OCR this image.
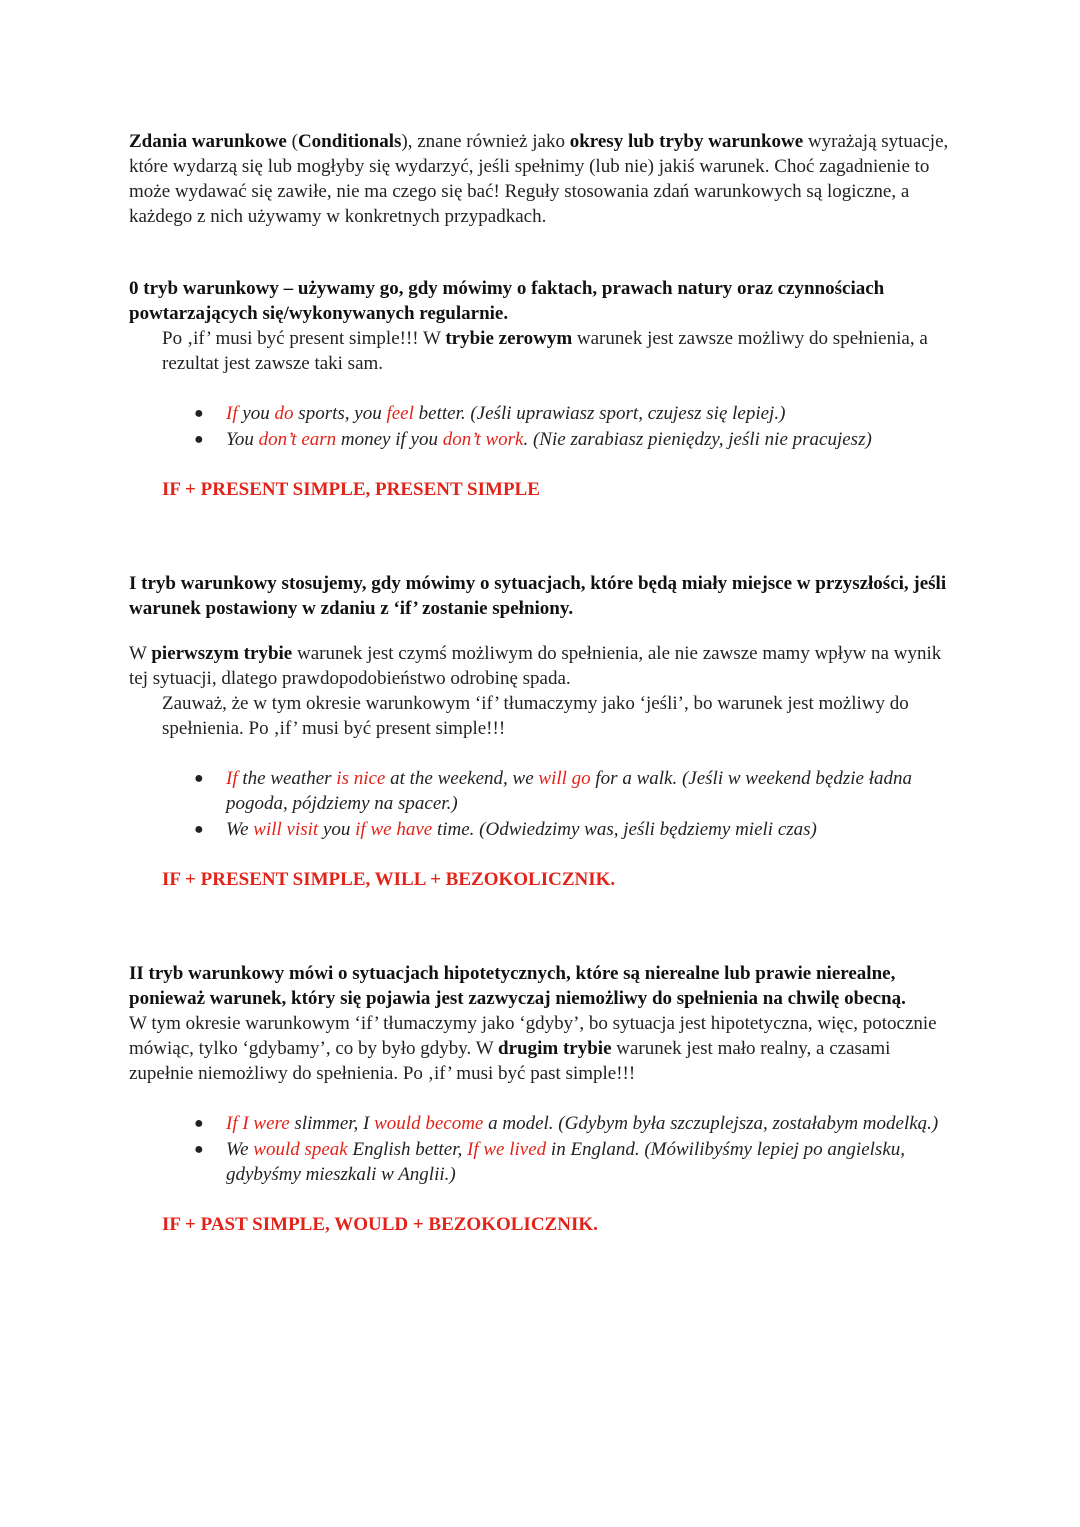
Zdania warunkowe (Conditionals), znane również jako okresy lub tryby warunkowe wyrażają sytuacje, które wydarzą się lub mogłyby się wydarzyć, jeśli spełnimy (lub nie) jakiś warunek. Choć zagadnienie to może wydawać się zawiłe, nie ma czego się bać! Reguły stosowania zdań warunkowych są logiczne, a każdego z nich używamy w konkretnych przypadkach.

0 tryb warunkowy – używamy go, gdy mówimy o faktach, prawach natury oraz czynnościach powtarzających się/wykonywanych regularnie.

Po ‚if’ musi być present simple!!! W trybie zerowym warunek jest zawsze możliwy do spełnienia, a rezultat jest zawsze taki sam.

● If you do sports, you feel better. (Jeśli uprawiasz sport, czujesz się lepiej.)
● You don’t earn money if you don’t work. (Nie zarabiasz pieniędzy, jeśli nie pracujesz)

IF + PRESENT SIMPLE, PRESENT SIMPLE

I tryb warunkowy stosujemy, gdy mówimy o sytuacjach, które będą miały miejsce w przyszłości, jeśli warunek postawiony w zdaniu z ‘if’ zostanie spełniony.

W pierwszym trybie warunek jest czymś możliwym do spełnienia, ale nie zawsze mamy wpływ na wynik tej sytuacji, dlatego prawdopodobieństwo odrobinę spada.

Zauważ, że w tym okresie warunkowym ‘if’ tłumaczymy jako ‘jeśli’, bo warunek jest możliwy do spełnienia. Po ‚if’ musi być present simple!!!

● If the weather is nice at the weekend, we will go for a walk. (Jeśli w weekend będzie ładna pogoda, pójdziemy na spacer.)
● We will visit you if we have time. (Odwiedzimy was, jeśli będziemy mieli czas)

IF + PRESENT SIMPLE, WILL + BEZOKOLICZNIK.

II tryb warunkowy mówi o sytuacjach hipotetycznych, które są nierealne lub prawie nierealne, ponieważ warunek, który się pojawia jest zazwyczaj niemożliwy do spełnienia na chwilę obecną.

W tym okresie warunkowym ‘if’ tłumaczymy jako ‘gdyby’, bo sytuacja jest hipotetyczna, więc, potocznie mówiąc, tylko ‘gdybamy’, co by było gdyby. W drugim trybie warunek jest mało realny, a czasami zupełnie niemożliwy do spełnienia. Po ‚if’ musi być past simple!!!

● If I were slimmer, I would become a model. (Gdybym była szczuplejsza, zostałabym modelką.)
● We would speak English better, If we lived in England. (Mówilibyśmy lepiej po angielsku, gdybyśmy mieszkali w Anglii.)

IF + PAST SIMPLE, WOULD + BEZOKOLICZNIK.
